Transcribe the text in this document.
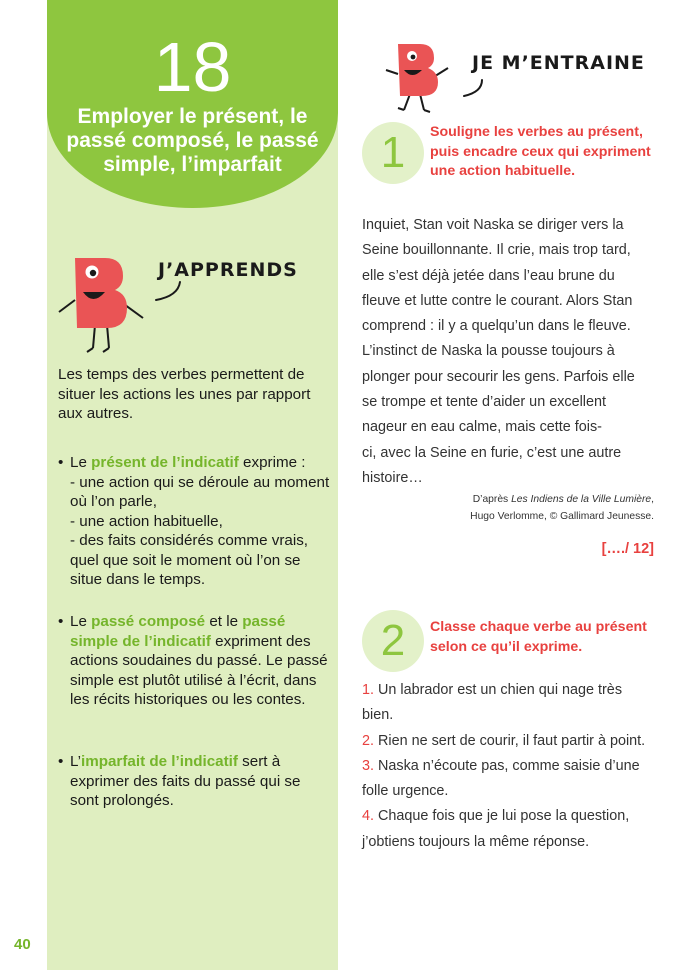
18
Employer le présent, le passé composé, le passé simple, l’imparfait
J’APPRENDS
Les temps des verbes permettent de situer les actions les unes par rapport aux autres.
• Le présent de l’indicatif exprime :
- une action qui se déroule au moment où l’on parle,
- une action habituelle,
- des faits considérés comme vrais, quel que soit le moment où l’on se situe dans le temps.
• Le passé composé et le passé simple de l’indicatif expriment des actions soudaines du passé. Le passé simple est plutôt utilisé à l’écrit, dans les récits historiques ou les contes.
• L’imparfait de l’indicatif sert à exprimer des faits du passé qui se sont prolongés.
40
JE M’ENTRAINE
1	Souligne les verbes au présent, puis encadre ceux qui expriment une action habituelle.
Inquiet, Stan voit Naska se diriger vers la
Seine bouillonnante. Il crie, mais trop tard,
elle s’est déjà jetée dans l’eau brune du
fleuve et lutte contre le courant. Alors Stan
comprend : il y a quelqu’un dans le fleuve.
L’instinct de Naska la pousse toujours à
plonger pour secourir les gens. Parfois elle
se trompe et tente d’aider un excellent
nageur en eau calme, mais cette fois-
ci, avec la Seine en furie, c’est une autre
histoire…
D’après Les Indiens de la Ville Lumière,
Hugo Verlomme, © Gallimard Jeunesse.
[…./ 12]
2	Classe chaque verbe au présent selon ce qu’il exprime.
1. Un labrador est un chien qui nage très
bien.
2. Rien ne sert de courir, il faut partir à point.
3. Naska n’écoute pas, comme saisie d’une
folle urgence.
4. Chaque fois que je lui pose la question,
j’obtiens toujours la même réponse.
